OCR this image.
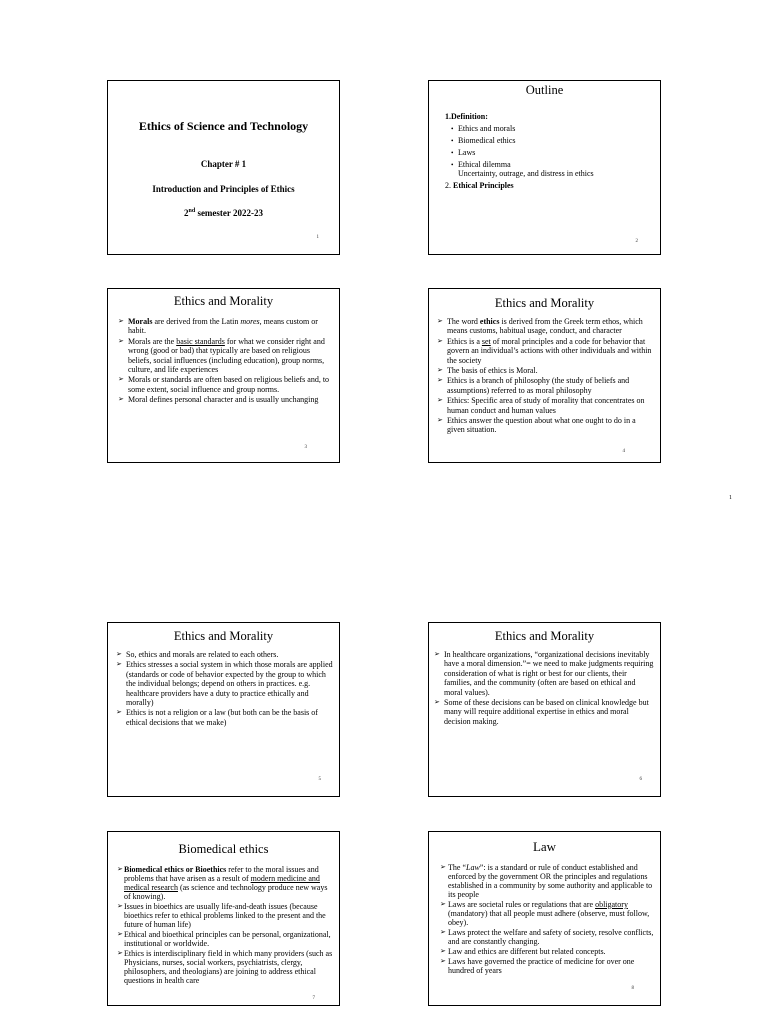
Ethics of Science and Technology
Chapter # 1
Introduction and Principles of Ethics
2nd semester 2022-23
1
Outline
1.Definition:
• Ethics and morals
• Biomedical ethics
• Laws
• Ethical dilemma
Uncertainty, outrage, and distress in ethics
2. Ethical Principles
2
Ethics and Morality
➢ Morals are derived from the Latin mores, means custom or habit.
➢ Morals are the basic standards for what we consider right and wrong (good or bad) that typically are based on religious beliefs, social influences (including education), group norms, culture, and life experiences
➢ Morals or standards are often based on religious beliefs and, to some extent, social influence and group norms.
➢ Moral defines personal character and is usually unchanging
3
Ethics and Morality
➢ The word ethics is derived from the Greek term ethos, which means customs, habitual usage, conduct, and character
➢ Ethics is a set of moral principles and a code for behavior that govern an individual’s actions with other individuals and within the society
➢ The basis of ethics is Moral.
➢ Ethics is a branch of philosophy (the study of beliefs and assumptions) referred to as moral philosophy
➢ Ethics: Specific area of study of morality that concentrates on human conduct and human values
➢ Ethics answer the question about what one ought to do in a given situation.
4
Ethics and Morality
➢ So, ethics and morals are related to each others.
➢ Ethics stresses a social system in which those morals are applied (standards or code of behavior expected by the group to which the individual belongs; depend on others in practices. e.g. healthcare providers have a duty to practice ethically and morally)
➢ Ethics is not a religion or a law (but both can be the basis of ethical decisions that we make)
5
Ethics and Morality
➢ In healthcare organizations, “organizational decisions inevitably have a moral dimension.”= we need to make judgments requiring consideration of what is right or best for our clients, their families, and the community (often are based on ethical and moral values).
➢ Some of these decisions can be based on clinical knowledge but many will require additional expertise in ethics and moral decision making.
6
Biomedical ethics
➢ Biomedical ethics or Bioethics refer to the moral issues and problems that have arisen as a result of modern medicine and medical research (as science and technology produce new ways of knowing).
➢ Issues in bioethics are usually life-and-death issues (because bioethics refer to ethical problems linked to the present and the future of human life)
➢ Ethical and bioethical principles can be personal, organizational, institutional or worldwide.
➢ Ethics is interdisciplinary field in which many providers (such as Physicians, nurses, social workers, psychiatrists, clergy, philosophers, and theologians) are joining to address ethical questions in health care
7
Law
➢ The “Law”: is a standard or rule of conduct established and enforced by the government OR the principles and regulations established in a community by some authority and applicable to its people
➢ Laws are societal rules or regulations that are obligatory (mandatory) that all people must adhere (observe, must follow, obey).
➢ Laws protect the welfare and safety of society, resolve conflicts, and are constantly changing.
➢ Law and ethics are different but related concepts.
➢ Laws have governed the practice of medicine for over one hundred of years
8
1
